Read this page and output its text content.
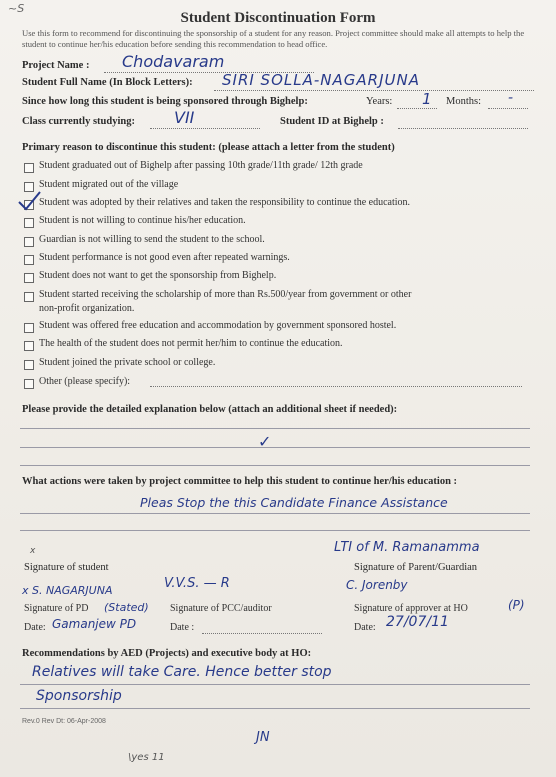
~S
Student Discontinuation Form
Use this form to recommend for discontinuing the sponsorship of a student for any reason. Project committee should make all attempts to help the student to continue her/his education before sending this recommendation to head office.
Project Name : Chodavaram
Student Full Name (In Block Letters): SIRI SOLLA-NAGARJUNA
Since how long this student is being sponsored through Bighelp:	Years: 1 Months: -
Class currently studying: VII	Student ID at Bighelp :
Primary reason to discontinue this student: (please attach a letter from the student)
Student graduated out of Bighelp after passing 10th grade/11th grade/ 12th grade
Student migrated out of the village
Student was adopted by their relatives and taken the responsibility to continue the education.
Student is not willing to continue his/her education.
Guardian is not willing to send the student to the school.
Student performance is not good even after repeated warnings.
Student does not want to get the sponsorship from Bighelp.
Student started receiving the scholarship of more than Rs.500/year from government or other
non-profit organization.
Student was offered free education and accommodation by government sponsored hostel.
The health of the student does not permit her/him to continue the education.
Student joined the private school or college.
Other (please specify):
Please provide the detailed explanation below (attach an additional sheet if needed):
✓
What actions were taken by project committee to help this student to continue her/his education :
Pleas Stop the this Candidate Finance Assistance
x
Signature of student
LTI of M. Ramanamma
Signature of Parent/Guardian
x S. NAGARJUNA	V.V.S. — R	C. Jorenby
Signature of PD (Stated) Signature of PCC/auditor	Signature of approver at HO	(P)
Date: Gamanjew PD	Date :	Date: 27/07/11
Recommendations by AED (Projects) and executive body at HO:
Relatives will take Care. Hence better stop
Sponsorship
Rev.0 Rev Dt: 06-Apr-2008
JN
\yes 11
